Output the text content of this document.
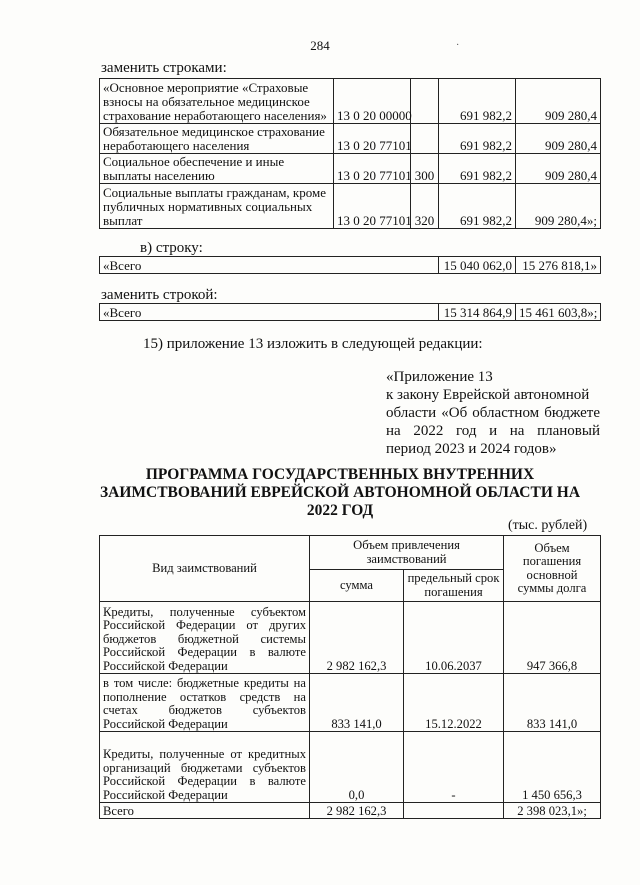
284	·
заменить строками:
«Основное мероприятие «Страховые взносы на обязательное медицинское страхование неработающего населения»	13 0 20 00000		691 982,2	909 280,4
Обязательное медицинское страхование неработающего населения	13 0 20 77101		691 982,2	909 280,4
Социальное обеспечение и иные выплаты населению	13 0 20 77101	300	691 982,2	909 280,4
Социальные выплаты гражданам, кроме публичных нормативных социальных выплат	13 0 20 77101	320	691 982,2	909 280,4»;
в) строку:
«Всего	15 040 062,0	15 276 818,1»
заменить строкой:
«Всего	15 314 864,9	15 461 603,8»;
15) приложение 13 изложить в следующей редакции:
«Приложение 13
к закону Еврейской автономной
области «Об областном бюджете
на 2022 год и на плановый
период 2023 и 2024 годов»
ПРОГРАММА ГОСУДАРСТВЕННЫХ ВНУТРЕННИХ
ЗАИМСТВОВАНИЙ ЕВРЕЙСКОЙ АВТОНОМНОЙ ОБЛАСТИ НА
2022 ГОД
(тыс. рублей)
Вид заимствований	Объем привлечения заимствований		Объем погашения основной суммы долга
	сумма	предельный срок погашения	
Кредиты, полученные субъектом Российской Федерации от других бюджетов бюджетной системы Российской Федерации в валюте Российской Федерации	2 982 162,3	10.06.2037	947 366,8
в том числе: бюджетные кредиты на пополнение остатков средств на счетах бюджетов субъектов Российской Федерации	833 141,0	15.12.2022	833 141,0
Кредиты, полученные от кредитных организаций бюджетами субъектов Российской Федерации в валюте Российской Федерации	0,0	-	1 450 656,3
Всего	2 982 162,3		2 398 023,1»;
